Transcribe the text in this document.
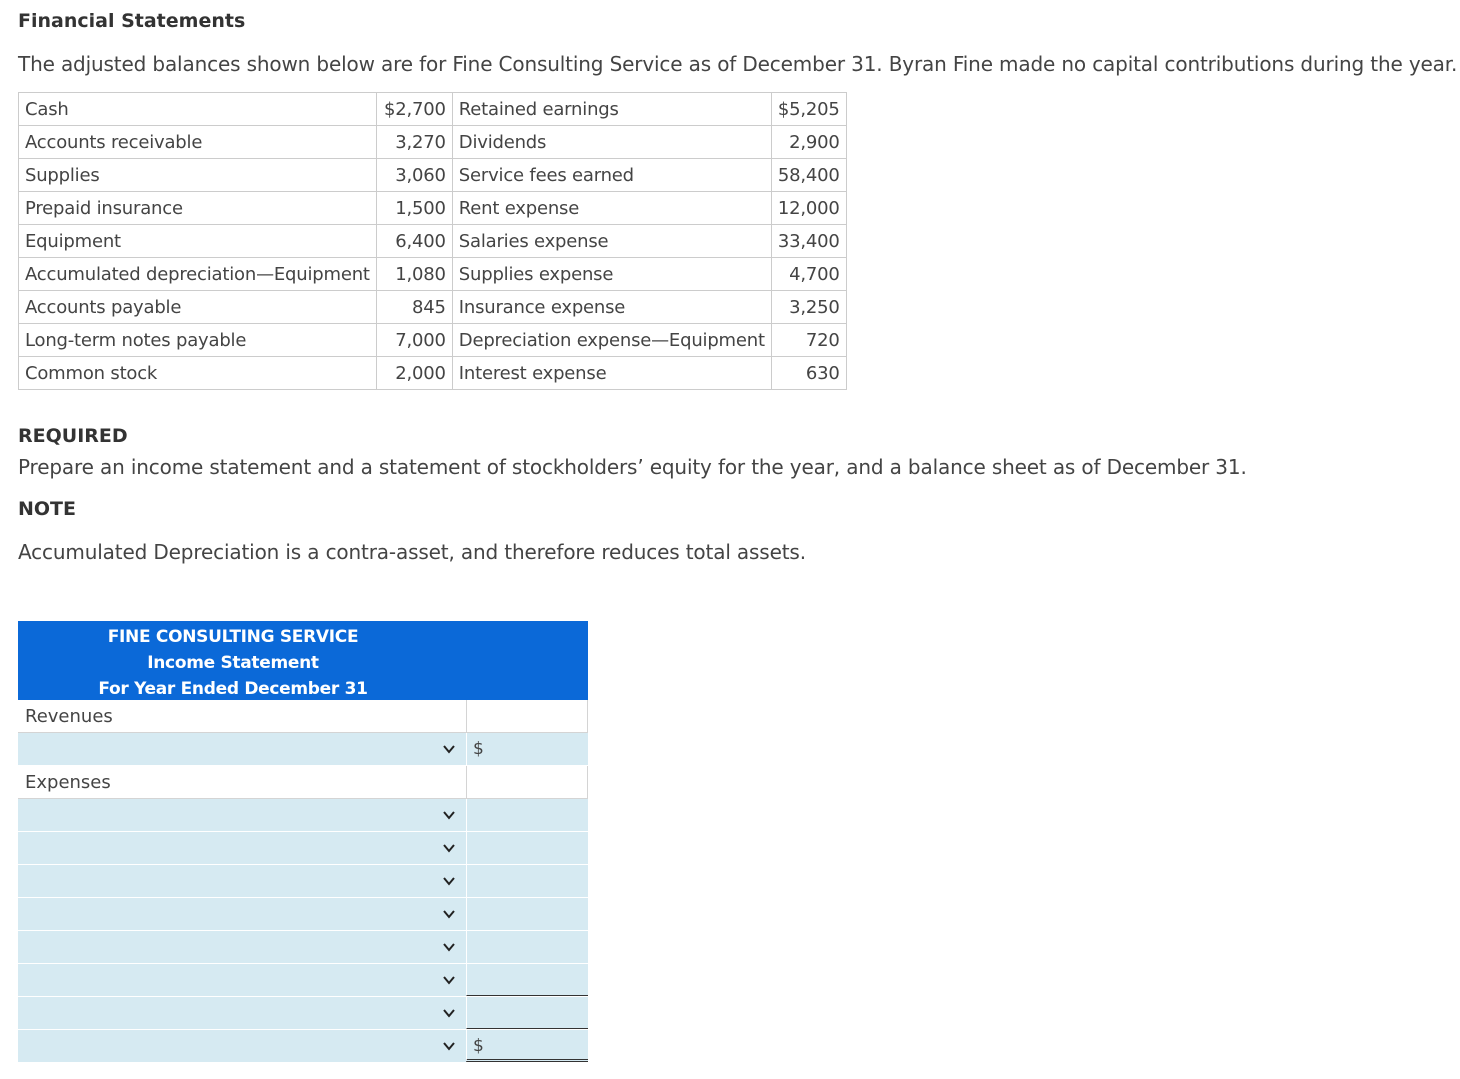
Financial Statements

The adjusted balances shown below are for Fine Consulting Service as of December 31. Byran Fine made no capital contributions during the year.

Cash	$2,700	Retained earnings	$5,205
Accounts receivable	3,270	Dividends	2,900
Supplies	3,060	Service fees earned	58,400
Prepaid insurance	1,500	Rent expense	12,000
Equipment	6,400	Salaries expense	33,400
Accumulated depreciation—Equipment	1,080	Supplies expense	4,700
Accounts payable	845	Insurance expense	3,250
Long-term notes payable	7,000	Depreciation expense—Equipment	720
Common stock	2,000	Interest expense	630
REQUIRED

Prepare an income statement and a statement of stockholders’ equity for the year, and a balance sheet as of December 31.

NOTE

Accumulated Depreciation is a contra-asset, and therefore reduces total assets.

FINE CONSULTING SERVICE
Income Statement
For Year Ended December 31
Revenues
$
Expenses
$
